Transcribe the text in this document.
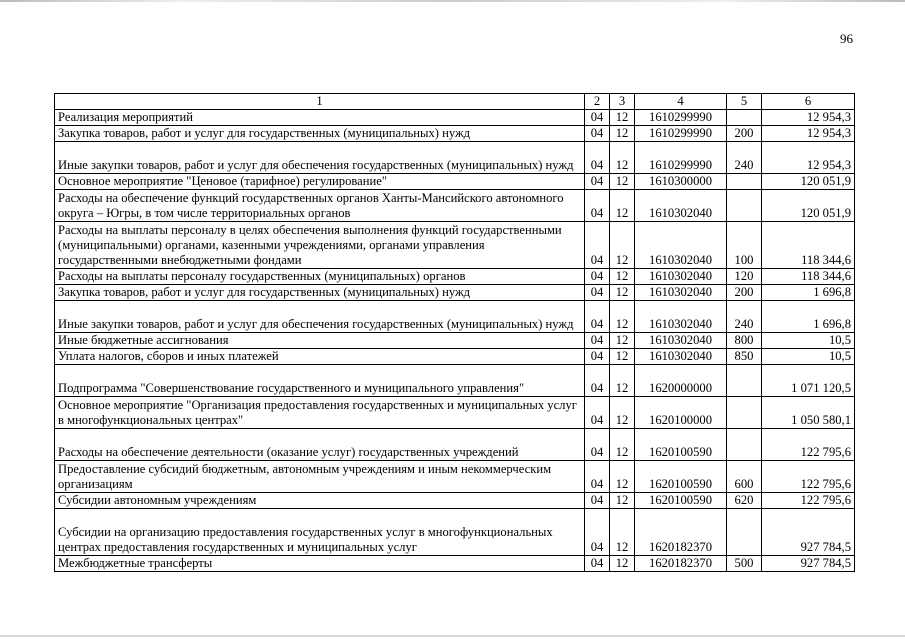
96
1	2	3	4	5	6
Реализация мероприятий	04	12	1610299990		12 954,3
Закупка товаров, работ и услуг для государственных (муниципальных) нужд	04	12	1610299990	200	12 954,3
Иные закупки товаров, работ и услуг для обеспечения государственных (муниципальных) нужд	04	12	1610299990	240	12 954,3
Основное мероприятие "Ценовое (тарифное) регулирование"	04	12	1610300000		120 051,9
Расходы на обеспечение функций государственных органов Ханты-Мансийского автономного округа – Югры, в том числе территориальных органов	04	12	1610302040		120 051,9
Расходы на выплаты персоналу в целях обеспечения выполнения функций государственными (муниципальными) органами, казенными учреждениями, органами управления государственными внебюджетными фондами	04	12	1610302040	100	118 344,6
Расходы на выплаты персоналу государственных (муниципальных) органов	04	12	1610302040	120	118 344,6
Закупка товаров, работ и услуг для государственных (муниципальных) нужд	04	12	1610302040	200	1 696,8
Иные закупки товаров, работ и услуг для обеспечения государственных (муниципальных) нужд	04	12	1610302040	240	1 696,8
Иные бюджетные ассигнования	04	12	1610302040	800	10,5
Уплата налогов, сборов и иных платежей	04	12	1610302040	850	10,5
Подпрограмма "Совершенствование государственного и муниципального управления"	04	12	1620000000		1 071 120,5
Основное мероприятие "Организация предоставления государственных и муниципальных услуг в многофункциональных центрах"	04	12	1620100000		1 050 580,1
Расходы на обеспечение деятельности (оказание услуг) государственных учреждений	04	12	1620100590		122 795,6
Предоставление субсидий бюджетным, автономным учреждениям и иным некоммерческим организациям	04	12	1620100590	600	122 795,6
Субсидии автономным учреждениям	04	12	1620100590	620	122 795,6
Субсидии на организацию предоставления государственных услуг в многофункциональных центрах предоставления государственных и муниципальных услуг	04	12	1620182370		927 784,5
Межбюджетные трансферты	04	12	1620182370	500	927 784,5
